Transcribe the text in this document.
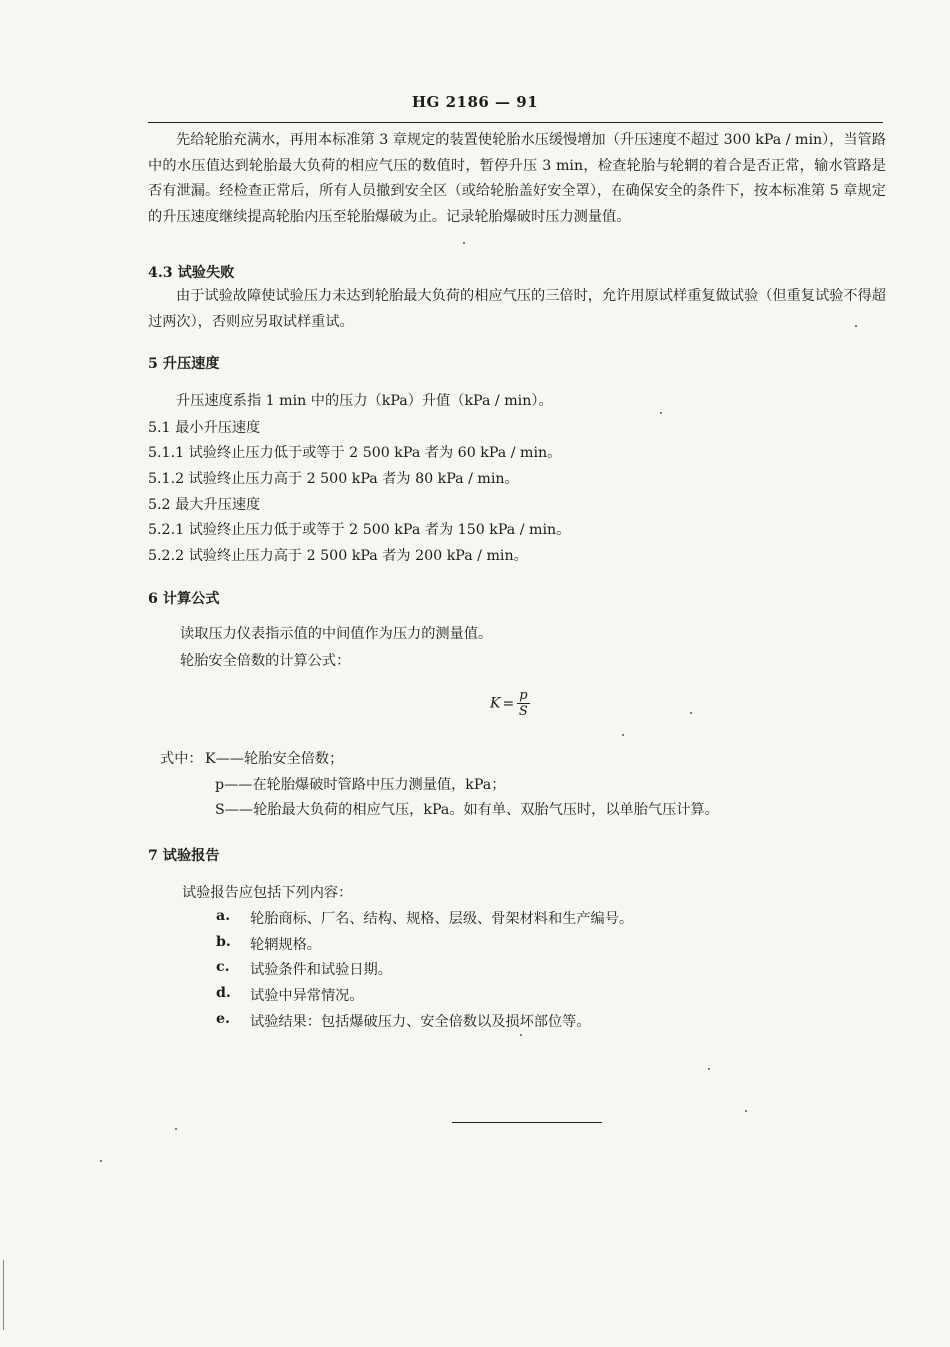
HG 2186 — 91
先给轮胎充满水，再用本标准第 3 章规定的装置使轮胎水压缓慢增加（升压速度不超过 300 kPa / min），当管路中的水压值达到轮胎最大负荷的相应气压的数值时，暂停升压 3 min，检查轮胎与轮辋的着合是否正常，输水管路是否有泄漏。经检查正常后，所有人员撤到安全区（或给轮胎盖好安全罩），在确保安全的条件下，按本标准第 5 章规定的升压速度继续提高轮胎内压至轮胎爆破为止。记录轮胎爆破时压力测量值。
4.3 试验失败
由于试验故障使试验压力未达到轮胎最大负荷的相应气压的三倍时，允许用原试样重复做试验（但重复试验不得超过两次），否则应另取试样重试。
5 升压速度
升压速度系指 1 min 中的压力（kPa）升值（kPa / min）。
5.1 最小升压速度
5.1.1 试验终止压力低于或等于 2 500 kPa 者为 60 kPa / min。
5.1.2 试验终止压力高于 2 500 kPa 者为 80 kPa / min。
5.2 最大升压速度
5.2.1 试验终止压力低于或等于 2 500 kPa 者为 150 kPa / min。
5.2.2 试验终止压力高于 2 500 kPa 者为 200 kPa / min。
6 计算公式
读取压力仪表指示值的中间值作为压力的测量值。
轮胎安全倍数的计算公式：
$K = \frac{p}{S}$
式中： K——轮胎安全倍数；
p——在轮胎爆破时管路中压力测量值，kPa；
S——轮胎最大负荷的相应气压，kPa。如有单、双胎气压时，以单胎气压计算。
7 试验报告
试验报告应包括下列内容：
a. 轮胎商标、厂名、结构、规格、层级、骨架材料和生产编号。
b. 轮辋规格。
c. 试验条件和试验日期。
d. 试验中异常情况。
e. 试验结果：包括爆破压力、安全倍数以及损坏部位等。
